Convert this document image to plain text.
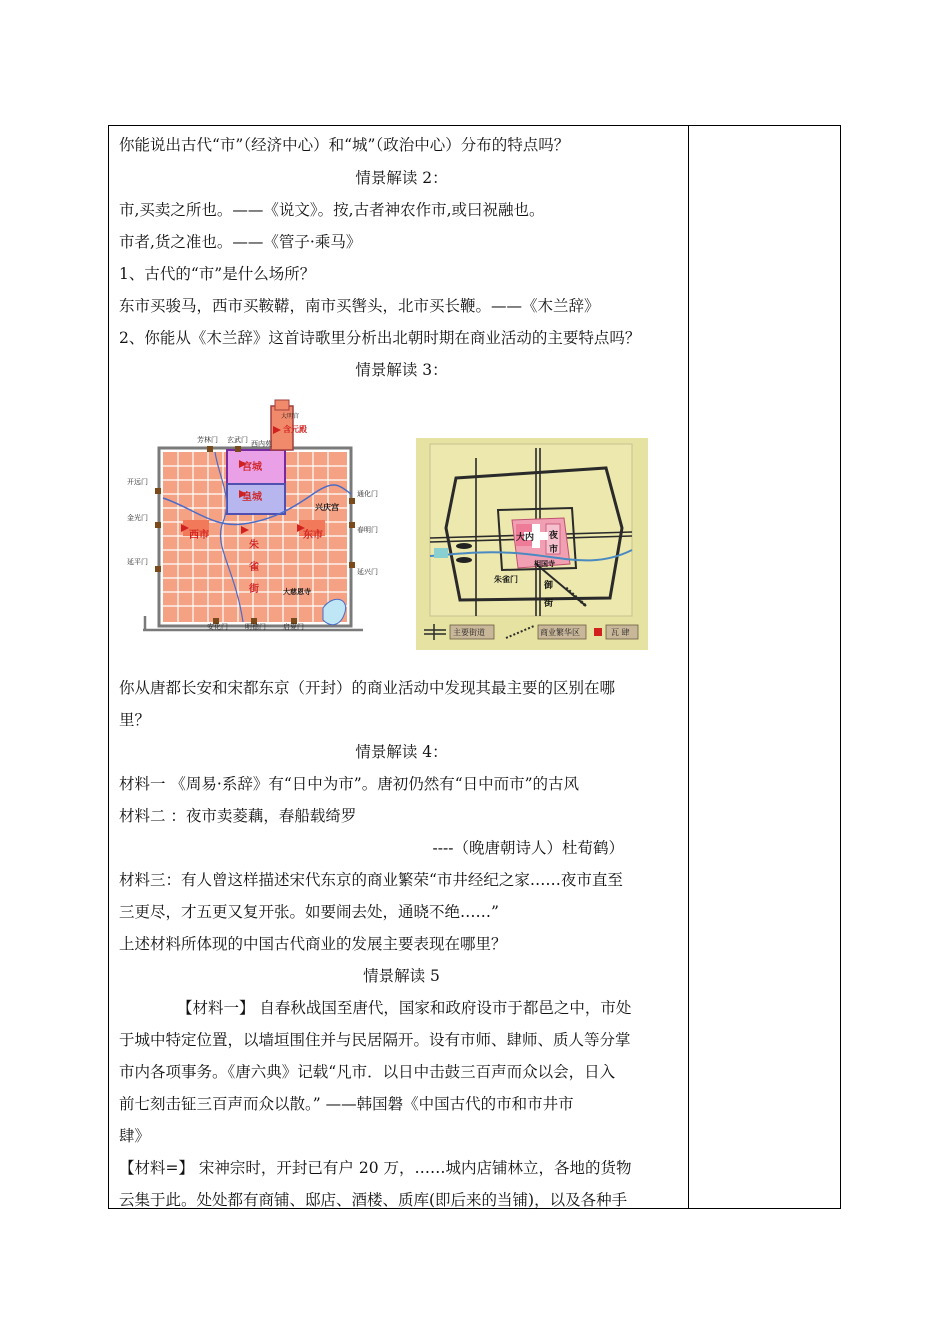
你能说出古代“市”（经济中心）和“城”（政治中心）分布的特点吗？
情景解读 2：
市,买卖之所也。——《说文》。按,古者神农作市,或曰祝融也。
市者,货之准也。——《管子·乘马》
1、古代的“市”是什么场所？
东市买骏马，西市买鞍鞯，南市买辔头，北市买长鞭。——《木兰辞》
2、你能从《木兰辞》这首诗歌里分析出北朝时期在商业活动的主要特点吗？
情景解读 3：
宫城
皇城
西市	东市
朱
雀
街
大明宫
含元殿
兴庆宫
大慈恩寺
芳林门 玄武门 西内苑
开远门
金光门
延平门
通化门
春明门
延兴门
安化门 明德门 启夏门
大内 夜
市
相国寺
朱雀门
御
街
主要街道	商业繁华区	瓦 肆
你从唐都长安和宋都东京（开封）的商业活动中发现其最主要的区别在哪
里？
情景解读 4：
材料一 《周易·系辞》有“日中为市”。唐初仍然有“日中而市”的古风
材料二 ：夜市卖菱藕，春船载绮罗
----（晚唐朝诗人）杜荀鹤）
材料三：有人曾这样描述宋代东京的商业繁荣“市井经纪之家……夜市直至
三更尽，才五更又复开张。如要闹去处，通晓不绝……”
上述材料所体现的中国古代商业的发展主要表现在哪里？
情景解读 5
【材料一】 自春秋战国至唐代，国家和政府设市于都邑之中，市处
于城中特定位置，以墙垣围住并与民居隔开。设有市师、肆师、质人等分掌
市内各项事务。《唐六典》记载“凡市．以日中击鼓三百声而众以会，日入
前七刻击钲三百声而众以散。” ——韩国磐《中国古代的市和市井市
肆》
【材料=】 宋神宗时，开封已有户 20 万，……城内店铺林立，各地的货物
云集于此。处处都有商铺、邸店、酒楼、质库(即后来的当铺)，以及各种手
